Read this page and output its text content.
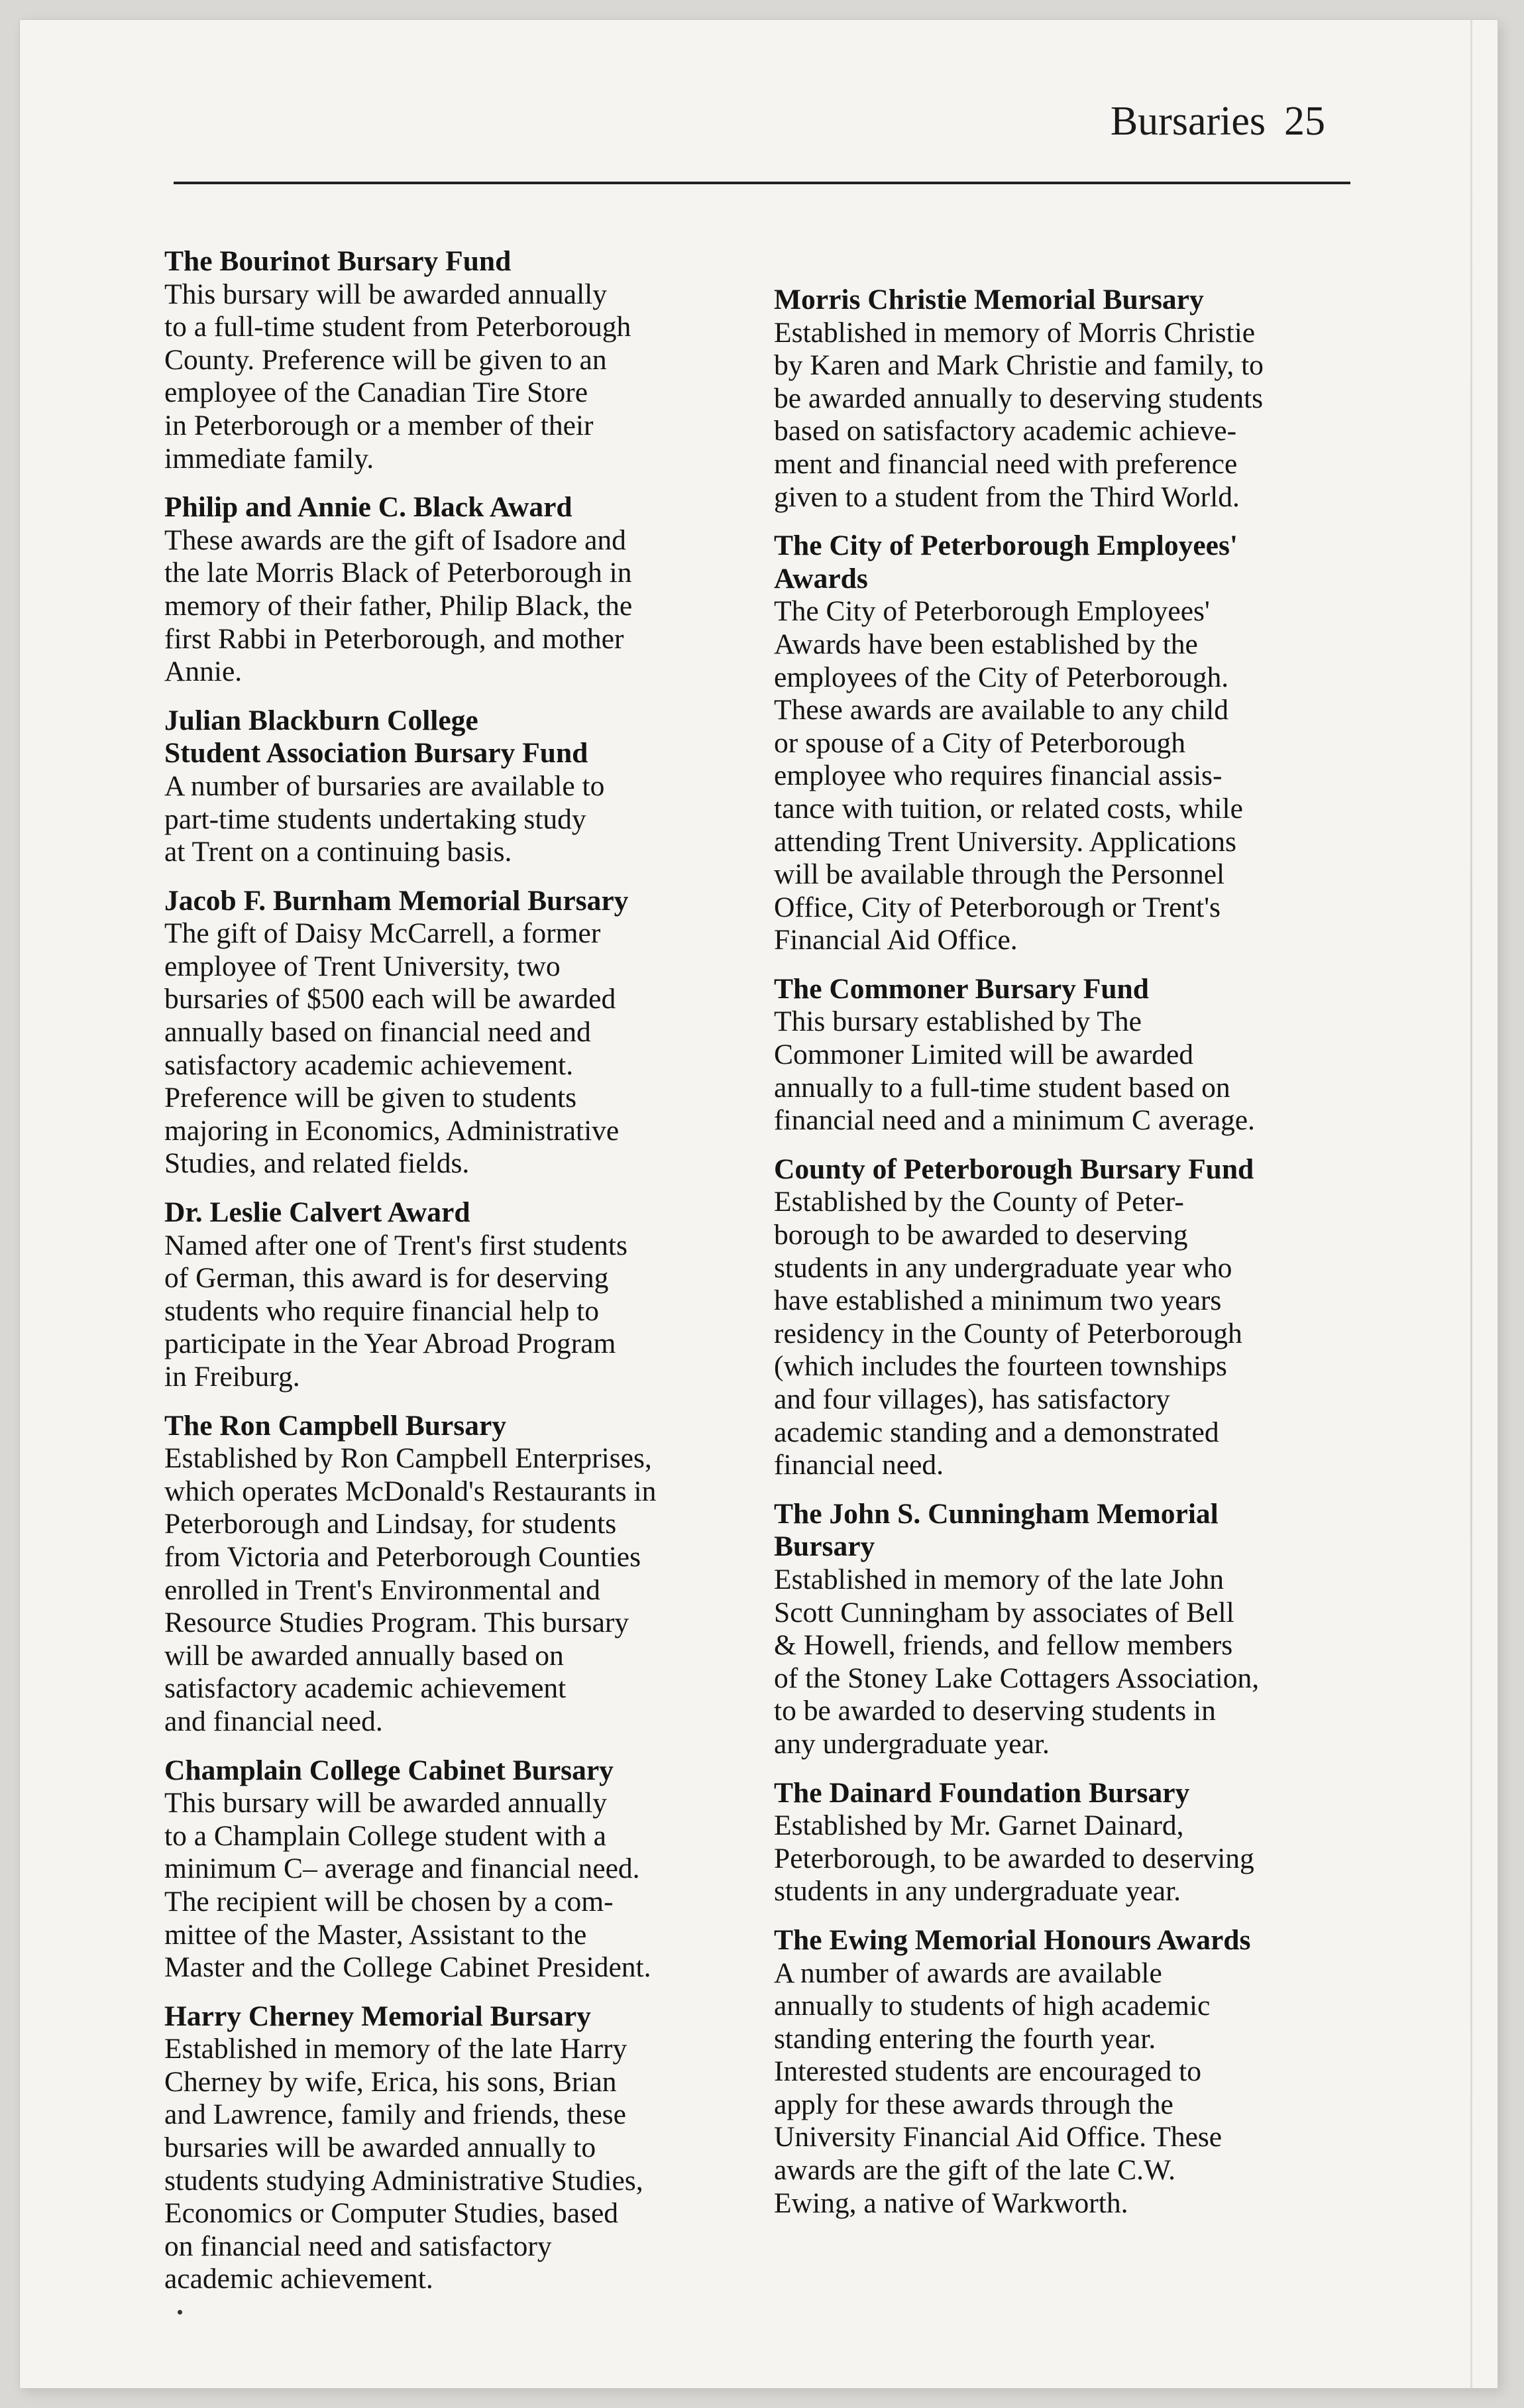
Bursaries 25
The Bourinot Bursary Fund
This bursary will be awarded annually
to a full-time student from Peterborough
County. Preference will be given to an
employee of the Canadian Tire Store
in Peterborough or a member of their
immediate family.
Philip and Annie C. Black Award
These awards are the gift of Isadore and
the late Morris Black of Peterborough in
memory of their father, Philip Black, the
first Rabbi in Peterborough, and mother
Annie.
Julian Blackburn College
Student Association Bursary Fund
A number of bursaries are available to
part-time students undertaking study
at Trent on a continuing basis.
Jacob F. Burnham Memorial Bursary
The gift of Daisy McCarrell, a former
employee of Trent University, two
bursaries of $500 each will be awarded
annually based on financial need and
satisfactory academic achievement.
Preference will be given to students
majoring in Economics, Administrative
Studies, and related fields.
Dr. Leslie Calvert Award
Named after one of Trent's first students
of German, this award is for deserving
students who require financial help to
participate in the Year Abroad Program
in Freiburg.
The Ron Campbell Bursary
Established by Ron Campbell Enterprises,
which operates McDonald's Restaurants in
Peterborough and Lindsay, for students
from Victoria and Peterborough Counties
enrolled in Trent's Environmental and
Resource Studies Program. This bursary
will be awarded annually based on
satisfactory academic achievement
and financial need.
Champlain College Cabinet Bursary
This bursary will be awarded annually
to a Champlain College student with a
minimum C– average and financial need.
The recipient will be chosen by a com-
mittee of the Master, Assistant to the
Master and the College Cabinet President.
Harry Cherney Memorial Bursary
Established in memory of the late Harry
Cherney by wife, Erica, his sons, Brian
and Lawrence, family and friends, these
bursaries will be awarded annually to
students studying Administrative Studies,
Economics or Computer Studies, based
on financial need and satisfactory
academic achievement.
Morris Christie Memorial Bursary
Established in memory of Morris Christie
by Karen and Mark Christie and family, to
be awarded annually to deserving students
based on satisfactory academic achieve-
ment and financial need with preference
given to a student from the Third World.
The City of Peterborough Employees'
Awards
The City of Peterborough Employees'
Awards have been established by the
employees of the City of Peterborough.
These awards are available to any child
or spouse of a City of Peterborough
employee who requires financial assis-
tance with tuition, or related costs, while
attending Trent University. Applications
will be available through the Personnel
Office, City of Peterborough or Trent's
Financial Aid Office.
The Commoner Bursary Fund
This bursary established by The
Commoner Limited will be awarded
annually to a full-time student based on
financial need and a minimum C average.
County of Peterborough Bursary Fund
Established by the County of Peter-
borough to be awarded to deserving
students in any undergraduate year who
have established a minimum two years
residency in the County of Peterborough
(which includes the fourteen townships
and four villages), has satisfactory
academic standing and a demonstrated
financial need.
The John S. Cunningham Memorial
Bursary
Established in memory of the late John
Scott Cunningham by associates of Bell
& Howell, friends, and fellow members
of the Stoney Lake Cottagers Association,
to be awarded to deserving students in
any undergraduate year.
The Dainard Foundation Bursary
Established by Mr. Garnet Dainard,
Peterborough, to be awarded to deserving
students in any undergraduate year.
The Ewing Memorial Honours Awards
A number of awards are available
annually to students of high academic
standing entering the fourth year.
Interested students are encouraged to
apply for these awards through the
University Financial Aid Office. These
awards are the gift of the late C.W.
Ewing, a native of Warkworth.
